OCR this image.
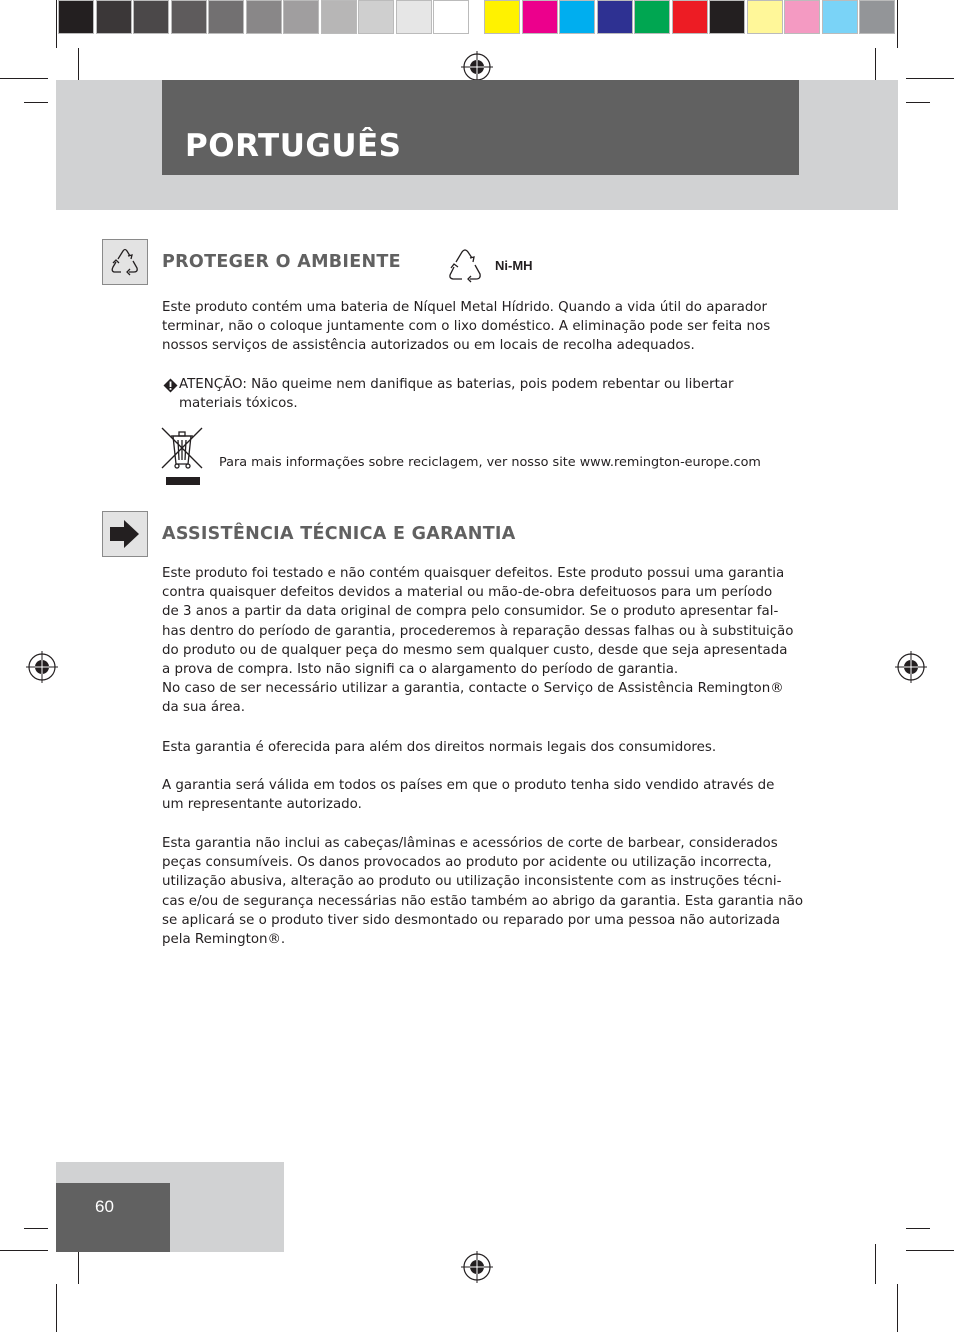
PORTUGUÊS
PROTEGER O AMBIENTE	Ni-MH
Este produto contém uma bateria de Níquel Metal Hídrido. Quando a vida útil do aparador
terminar, não o coloque juntamente com o lixo doméstico. A eliminação pode ser feita nos
nossos serviços de assistência autorizados ou em locais de recolha adequados.
ATENÇÃO: Não queime nem danifique as baterias, pois podem rebentar ou libertar
materiais tóxicos.
Para mais informações sobre reciclagem, ver nosso site www.remington-europe.com
ASSISTÊNCIA TÉCNICA E GARANTIA
Este produto foi testado e não contém quaisquer defeitos. Este produto possui uma garantia
contra quaisquer defeitos devidos a material ou mão-de-obra defeituosos para um período
de 3 anos a partir da data original de compra pelo consumidor. Se o produto apresentar fal-
has dentro do período de garantia, procederemos à reparação dessas falhas ou à substituição
do produto ou de qualquer peça do mesmo sem qualquer custo, desde que seja apresentada
a prova de compra. Isto não signifi ca o alargamento do período de garantia.
No caso de ser necessário utilizar a garantia, contacte o Serviço de Assistência Remington®
da sua área.
Esta garantia é oferecida para além dos direitos normais legais dos consumidores.
A garantia será válida em todos os países em que o produto tenha sido vendido através de
um representante autorizado.
Esta garantia não inclui as cabeças/lâminas e acessórios de corte de barbear, considerados
peças consumíveis. Os danos provocados ao produto por acidente ou utilização incorrecta,
utilização abusiva, alteração ao produto ou utilização inconsistente com as instruções técni-
cas e/ou de segurança necessárias não estão também ao abrigo da garantia. Esta garantia não
se aplicará se o produto tiver sido desmontado ou reparado por uma pessoa não autorizada
pela Remington®.
60
